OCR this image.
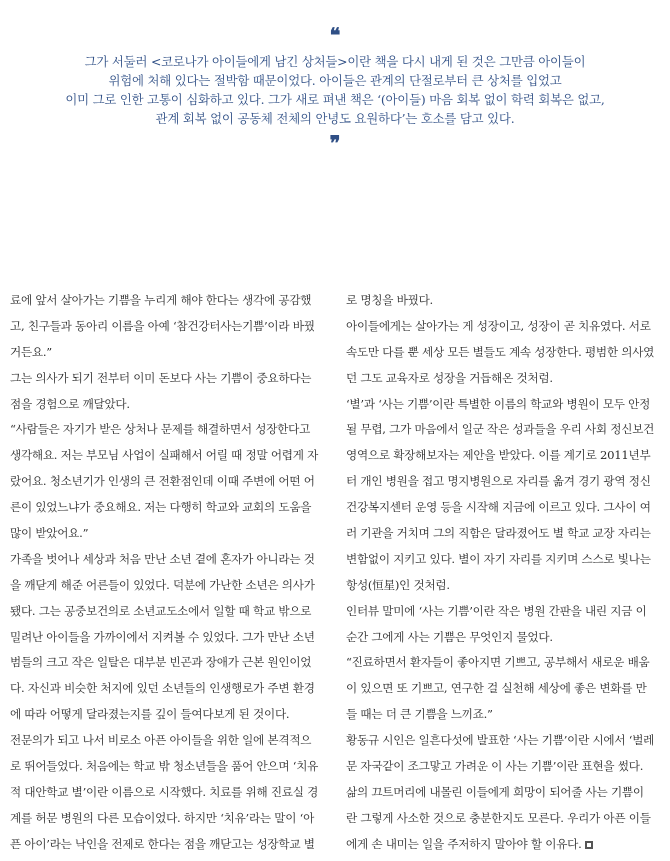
❝
그가 서둘러 <코로나가 아이들에게 남긴 상처들>이란 책을 다시 내게 된 것은 그만큼 아이들이
위험에 처해 있다는 절박함 때문이었다. 아이들은 관계의 단절로부터 큰 상처를 입었고
이미 그로 인한 고통이 심화하고 있다. 그가 새로 펴낸 책은 ‘(아이들) 마음 회복 없이 학력 회복은 없고,
관계 회복 없이 공동체 전체의 안녕도 요원하다’는 호소를 담고 있다.
❞
료에 앞서 살아가는 기쁨을 누리게 해야 한다는 생각에 공감했
고, 친구들과 동아리 이름을 아예 ‘참건강터사는기쁨’이라 바꿨
거든요.”
그는 의사가 되기 전부터 이미 돈보다 사는 기쁨이 중요하다는
점을 경험으로 깨달았다.
“사람들은 자기가 받은 상처나 문제를 해결하면서 성장한다고
생각해요. 저는 부모님 사업이 실패해서 어릴 때 정말 어렵게 자
랐어요. 청소년기가 인생의 큰 전환점인데 이때 주변에 어떤 어
른이 있었느냐가 중요해요. 저는 다행히 학교와 교회의 도움을
많이 받았어요.”
가족을 벗어나 세상과 처음 만난 소년 곁에 혼자가 아니라는 것
을 깨닫게 해준 어른들이 있었다. 덕분에 가난한 소년은 의사가
됐다. 그는 공중보건의로 소년교도소에서 일할 때 학교 밖으로
밀려난 아이들을 가까이에서 지켜볼 수 있었다. 그가 만난 소년
범들의 크고 작은 일탈은 대부분 빈곤과 장애가 근본 원인이었
다. 자신과 비슷한 처지에 있던 소년들의 인생행로가 주변 환경
에 따라 어떻게 달라졌는지를 깊이 들여다보게 된 것이다.
전문의가 되고 나서 비로소 아픈 아이들을 위한 일에 본격적으
로 뛰어들었다. 처음에는 학교 밖 청소년들을 품어 안으며 ‘치유
적 대안학교 별’이란 이름으로 시작했다. 치료를 위해 진료실 경
계를 허문 병원의 다른 모습이었다. 하지만 ‘치유’라는 말이 ‘아
픈 아이’라는 낙인을 전제로 한다는 점을 깨닫고는 성장학교 별
로 명칭을 바꿨다.
아이들에게는 살아가는 게 성장이고, 성장이 곧 치유였다. 서로
속도만 다를 뿐 세상 모든 별들도 계속 성장한다. 평범한 의사였
던 그도 교육자로 성장을 거듭해온 것처럼.
‘별’과 ‘사는 기쁨’이란 특별한 이름의 학교와 병원이 모두 안정
될 무렵, 그가 마음에서 일군 작은 성과들을 우리 사회 정신보건
영역으로 확장해보자는 제안을 받았다. 이를 계기로 2011년부
터 개인 병원을 접고 명지병원으로 자리를 옮겨 경기 광역 정신
건강복지센터 운영 등을 시작해 지금에 이르고 있다. 그사이 여
러 기관을 거치며 그의 직함은 달라졌어도 별 학교 교장 자리는
변함없이 지키고 있다. 별이 자기 자리를 지키며 스스로 빛나는
항성(恒星)인 것처럼.
인터뷰 말미에 ‘사는 기쁨’이란 작은 병원 간판을 내린 지금 이
순간 그에게 사는 기쁨은 무엇인지 물었다.
“진료하면서 환자들이 좋아지면 기쁘고, 공부해서 새로운 배움
이 있으면 또 기쁘고, 연구한 걸 실천해 세상에 좋은 변화를 만
들 때는 더 큰 기쁨을 느끼죠.”
황동규 시인은 일흔다섯에 발표한 ‘사는 기쁨’이란 시에서 ‘벌레
문 자국같이 조그맣고 가려운 이 사는 기쁨’이란 표현을 썼다.
삶의 끄트머리에 내몰린 이들에게 희망이 되어줄 사는 기쁨이
란 그렇게 사소한 것으로 충분한지도 모른다. 우리가 아픈 이들
에게 손 내미는 일을 주저하지 말아야 할 이유다.
